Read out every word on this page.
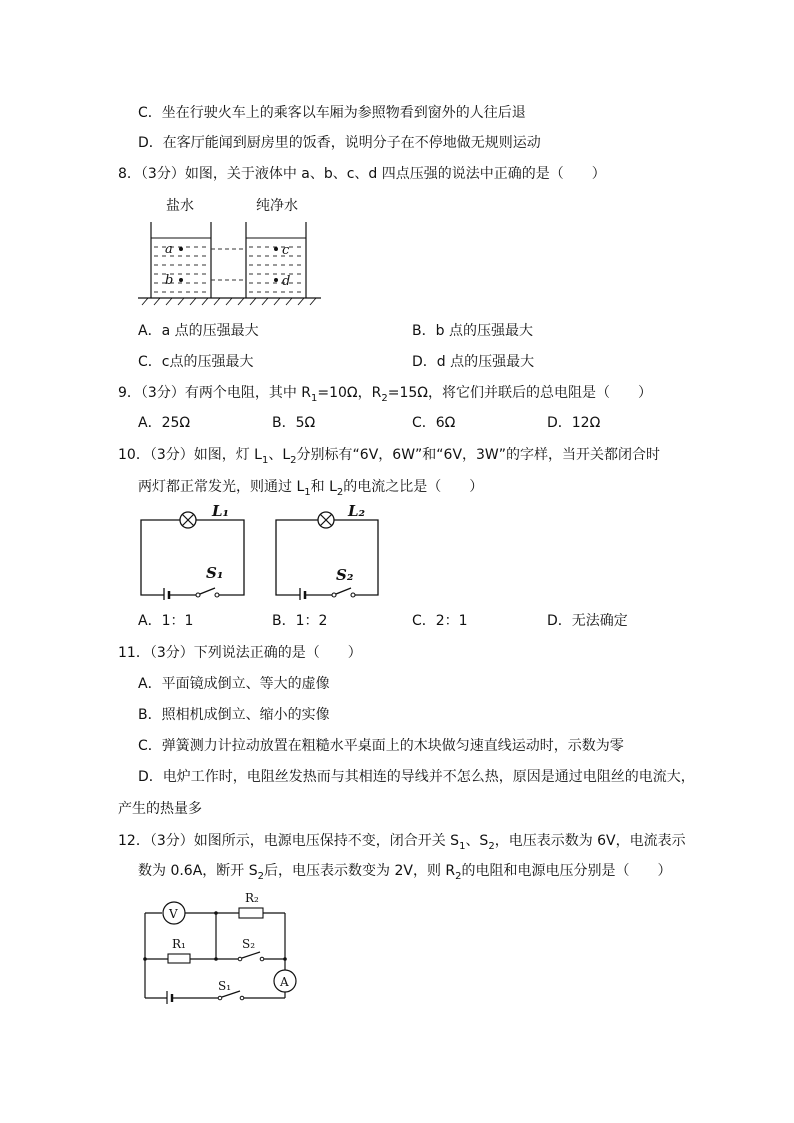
C．坐在行驶火车上的乘客以车厢为参照物看到窗外的人往后退
D．在客厅能闻到厨房里的饭香，说明分子在不停地做无规则运动
8．（3分）如图，关于液体中 a、b、c、d 四点压强的说法中正确的是（　　）
盐水	纯净水
a
b
c
d
A．a 点的压强最大	B．b 点的压强最大
C．c点的压强最大	D．d 点的压强最大
9．（3分）有两个电阻，其中 $R_1=10\Omega$，$R_2=15\Omega$，将它们并联后的总电阻是（　　）
A．25Ω	B．5Ω	C．6Ω	D．12Ω
10．（3分）如图，灯 $L_1$、$L_2$分别标有“6V，6W”和“6V，3W”的字样，当开关都闭合时
两灯都正常发光，则通过 $L_1$和 $L_2$的电流之比是（　　）
L₁
S₁
L₂
S₂
A．1：1	B．1：2	C．2：1	D．无法确定
11．（3分）下列说法正确的是（　　）
A．平面镜成倒立、等大的虚像
B．照相机成倒立、缩小的实像
C．弹簧测力计拉动放置在粗糙水平桌面上的木块做匀速直线运动时，示数为零
D．电炉工作时，电阻丝发热而与其相连的导线并不怎么热，原因是通过电阻丝的电流大，
产生的热量多
12．（3分）如图所示，电源电压保持不变，闭合开关 $S_1$、$S_2$，电压表示数为 6V，电流表示
数为 0.6A，断开 $S_2$后，电压表示数变为 2V，则 $R_2$的电阻和电源电压分别是（　　）
R₂
V
R₁	S₂
A
S₁
